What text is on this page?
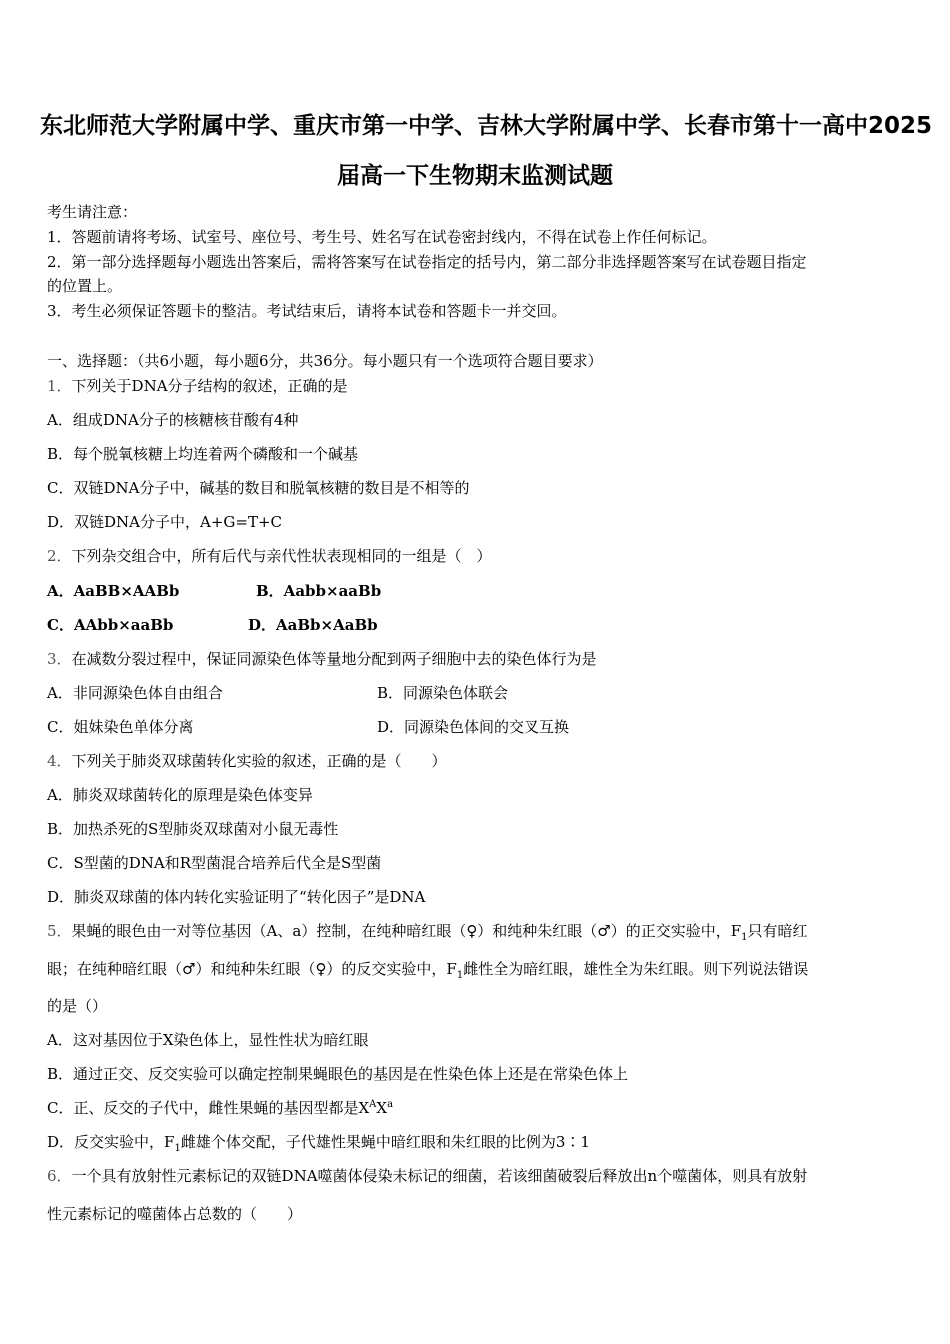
东北师范大学附属中学、重庆市第一中学、吉林大学附属中学、长春市第十一高中2025
届高一下生物期末监测试题
考生请注意：
1．答题前请将考场、试室号、座位号、考生号、姓名写在试卷密封线内，不得在试卷上作任何标记。
2．第一部分选择题每小题选出答案后，需将答案写在试卷指定的括号内，第二部分非选择题答案写在试卷题目指定
的位置上。
3．考生必须保证答题卡的整洁。考试结束后，请将本试卷和答题卡一并交回。
一、选择题：（共6小题，每小题6分，共36分。每小题只有一个选项符合题目要求）
1．下列关于DNA分子结构的叙述，正确的是
A．组成DNA分子的核糖核苷酸有4种
B．每个脱氧核糖上均连着两个磷酸和一个碱基
C．双链DNA分子中，碱基的数目和脱氧核糖的数目是不相等的
D．双链DNA分子中，A+G=T+C
2．下列杂交组合中，所有后代与亲代性状表现相同的一组是（　）
A．AaBB×AABb	B．Aabb×aaBb
C．AAbb×aaBb	D．AaBb×AaBb
3．在减数分裂过程中，保证同源染色体等量地分配到两子细胞中去的染色体行为是
A．非同源染色体自由组合	B．同源染色体联会
C．姐妹染色单体分离	D．同源染色体间的交叉互换
4．下列关于肺炎双球菌转化实验的叙述，正确的是（　　）
A．肺炎双球菌转化的原理是染色体变异
B．加热杀死的S型肺炎双球菌对小鼠无毒性
C．S型菌的DNA和R型菌混合培养后代全是S型菌
D．肺炎双球菌的体内转化实验证明了“转化因子”是DNA
5．果蝇的眼色由一对等位基因（A、a）控制，在纯种暗红眼（♀）和纯种朱红眼（♂）的正交实验中，$F_1$只有暗红
眼；在纯种暗红眼（♂）和纯种朱红眼（♀）的反交实验中，$F_1$雌性全为暗红眼，雄性全为朱红眼。则下列说法错误
的是（）
A．这对基因位于X染色体上，显性性状为暗红眼
B．通过正交、反交实验可以确定控制果蝇眼色的基因是在性染色体上还是在常染色体上
C．正、反交的子代中，雌性果蝇的基因型都是$X^AX^a$
D．反交实验中，$F_1$雌雄个体交配，子代雄性果蝇中暗红眼和朱红眼的比例为3∶1
6．一个具有放射性元素标记的双链DNA噬菌体侵染未标记的细菌，若该细菌破裂后释放出n个噬菌体，则具有放射
性元素标记的噬菌体占总数的（　　）
